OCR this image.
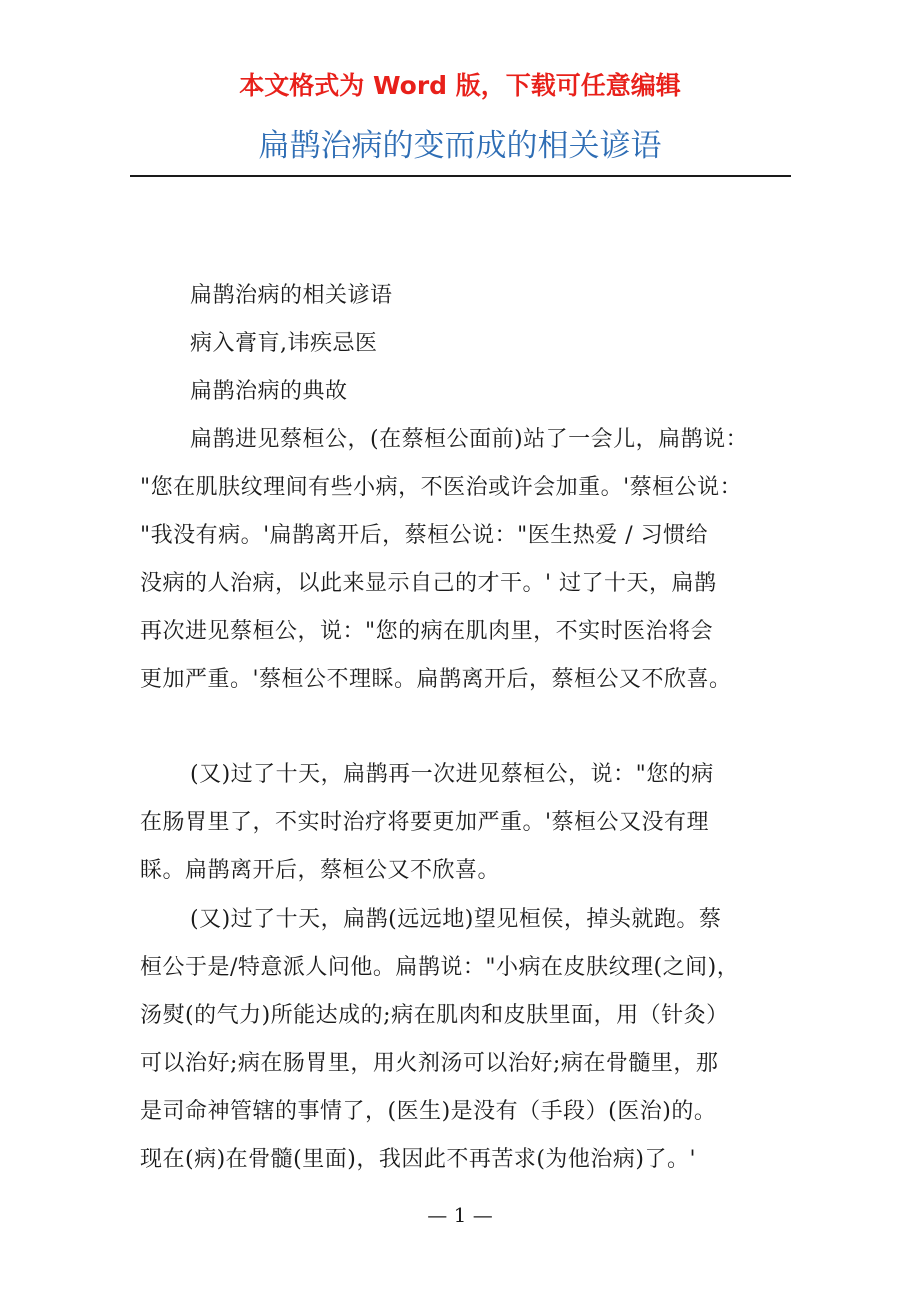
本文格式为 Word 版，下载可任意编辑
扁鹊治病的变而成的相关谚语
扁鹊治病的相关谚语
病入膏肓,讳疾忌医
扁鹊治病的典故
扁鹊进见蔡桓公，(在蔡桓公面前)站了一会儿，扁鹊说：
"您在肌肤纹理间有些小病，不医治或许会加重。'蔡桓公说：
"我没有病。'扁鹊离开后，蔡桓公说："医生热爱 / 习惯给
没病的人治病，以此来显示自己的才干。' 过了十天，扁鹊
再次进见蔡桓公，说："您的病在肌肉里，不实时医治将会
更加严重。'蔡桓公不理睬。扁鹊离开后，蔡桓公又不欣喜。
(又)过了十天，扁鹊再一次进见蔡桓公，说："您的病
在肠胃里了，不实时治疗将要更加严重。'蔡桓公又没有理
睬。扁鹊离开后，蔡桓公又不欣喜。
(又)过了十天，扁鹊(远远地)望见桓侯，掉头就跑。蔡
桓公于是/特意派人问他。扁鹊说："小病在皮肤纹理(之间)，
汤熨(的气力)所能达成的;病在肌肉和皮肤里面，用（针灸）
可以治好;病在肠胃里，用火剂汤可以治好;病在骨髓里，那
是司命神管辖的事情了，(医生)是没有（手段）(医治)的。
现在(病)在骨髓(里面)，我因此不再苦求(为他治病)了。'
— 1 —
